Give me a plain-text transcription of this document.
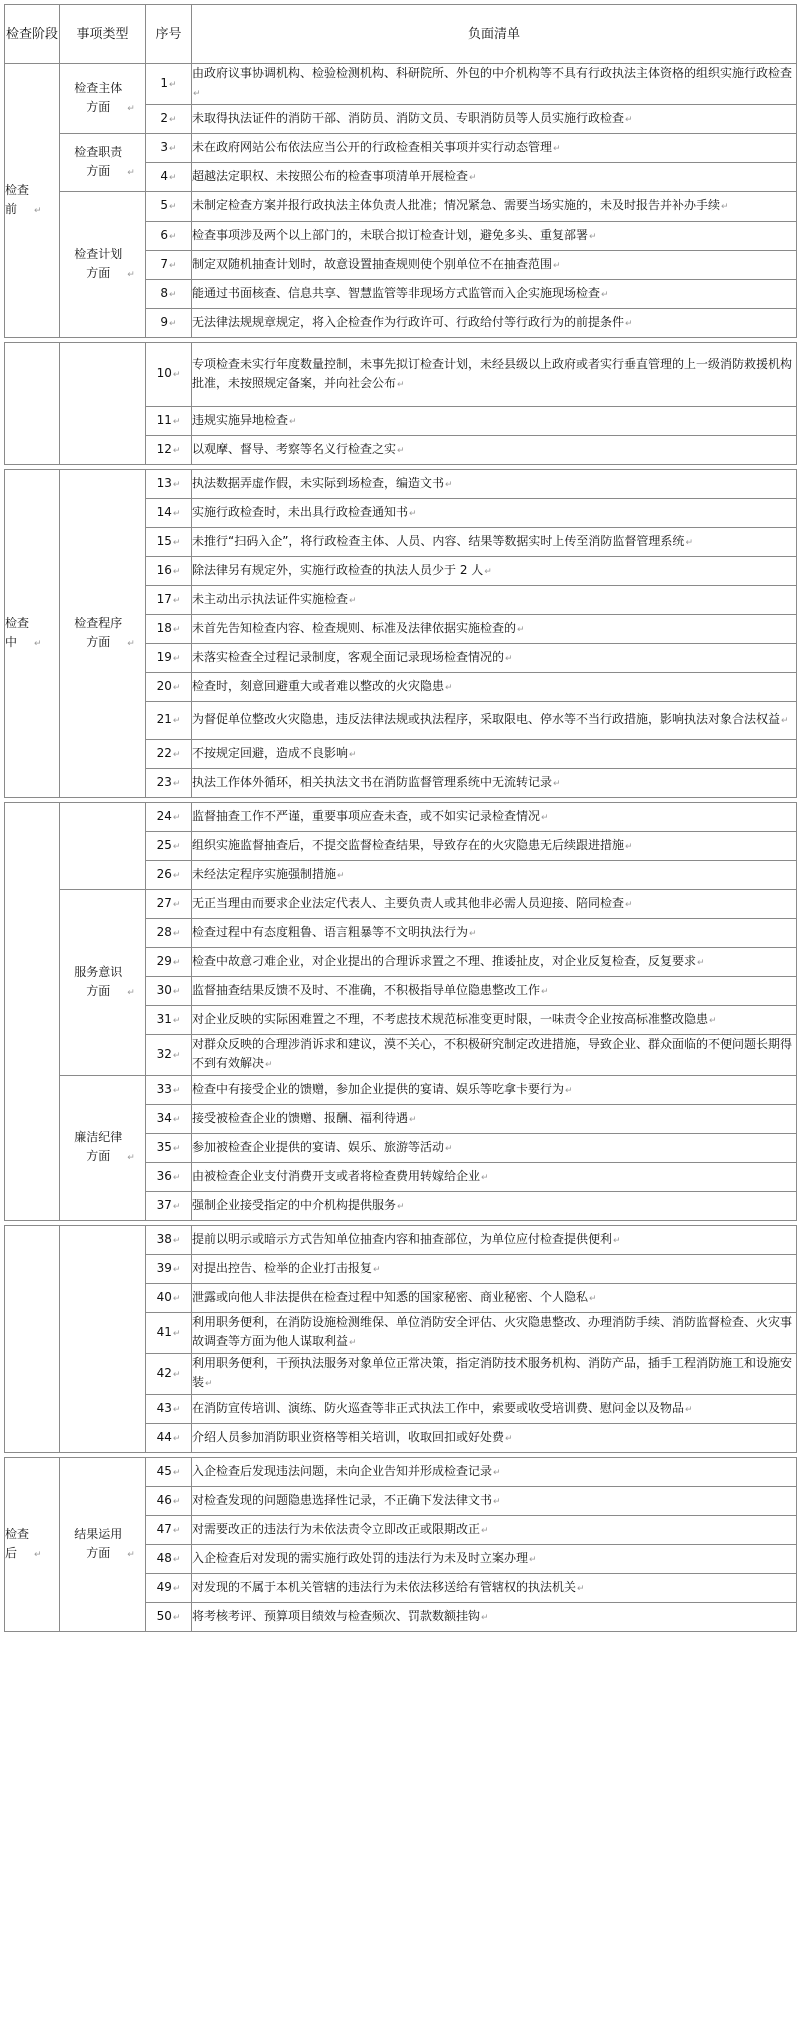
检查阶段	事项类型	序号	负面清单
检查前 ↵	检查主体方面 ↵	1↵	由政府议事协调机构、检验检测机构、科研院所、外包的中介机构等不具有行政执法主体资格的组织实施行政检查↵
		2↵	未取得执法证件的消防干部、消防员、消防文员、专职消防员等人员实施行政检查↵
	检查职责方面 ↵	3↵	未在政府网站公布依法应当公开的行政检查相关事项并实行动态管理↵
		4↵	超越法定职权、未按照公布的检查事项清单开展检查↵
	检查计划方面 ↵	5↵	未制定检查方案并报行政执法主体负责人批准；情况紧急、需要当场实施的，未及时报告并补办手续↵
		6↵	检查事项涉及两个以上部门的，未联合拟订检查计划，避免多头、重复部署↵
		7↵	制定双随机抽查计划时，故意设置抽查规则使个别单位不在抽查范围↵
		8↵	能通过书面核查、信息共享、智慧监管等非现场方式监管而入企实施现场检查↵
		9↵	无法律法规规章规定，将入企检查作为行政许可、行政给付等行政行为的前提条件↵

		10↵	专项检查未实行年度数量控制，未事先拟订检查计划，未经县级以上政府或者实行垂直管理的上一级消防救援机构批准，未按照规定备案，并向社会公布↵
		11↵	违规实施异地检查↵
		12↵	以观摩、督导、考察等名义行检查之实↵

检查中 ↵	检查程序方面 ↵	13↵	执法数据弄虚作假，未实际到场检查，编造文书↵
		14↵	实施行政检查时，未出具行政检查通知书↵
		15↵	未推行“扫码入企”，将行政检查主体、人员、内容、结果等数据实时上传至消防监督管理系统↵
		16↵	除法律另有规定外，实施行政检查的执法人员少于 2 人↵
		17↵	未主动出示执法证件实施检查↵
		18↵	未首先告知检查内容、检查规则、标准及法律依据实施检查的↵
		19↵	未落实检查全过程记录制度，客观全面记录现场检查情况的↵
		20↵	检查时，刻意回避重大或者难以整改的火灾隐患↵
		21↵	为督促单位整改火灾隐患，违反法律法规或执法程序，采取限电、停水等不当行政措施，影响执法对象合法权益↵
		22↵	不按规定回避，造成不良影响↵
		23↵	执法工作体外循环，相关执法文书在消防监督管理系统中无流转记录↵

		24↵	监督抽查工作不严谨，重要事项应查未查，或不如实记录检查情况↵
		25↵	组织实施监督抽查后，不提交监督检查结果，导致存在的火灾隐患无后续跟进措施↵
		26↵	未经法定程序实施强制措施↵
	服务意识方面 ↵	27↵	无正当理由而要求企业法定代表人、主要负责人或其他非必需人员迎接、陪同检查↵
		28↵	检查过程中有态度粗鲁、语言粗暴等不文明执法行为↵
		29↵	检查中故意刁难企业，对企业提出的合理诉求置之不理、推诿扯皮，对企业反复检查，反复要求↵
		30↵	监督抽查结果反馈不及时、不准确，不积极指导单位隐患整改工作↵
		31↵	对企业反映的实际困难置之不理，不考虑技术规范标准变更时限，一味责令企业按高标准整改隐患↵
		32↵	对群众反映的合理涉消诉求和建议，漠不关心，不积极研究制定改进措施，导致企业、群众面临的不便问题长期得不到有效解决↵
	廉洁纪律方面 ↵	33↵	检查中有接受企业的馈赠，参加企业提供的宴请、娱乐等吃拿卡要行为↵
		34↵	接受被检查企业的馈赠、报酬、福利待遇↵
		35↵	参加被检查企业提供的宴请、娱乐、旅游等活动↵
		36↵	由被检查企业支付消费开支或者将检查费用转嫁给企业↵
		37↵	强制企业接受指定的中介机构提供服务↵

		38↵	提前以明示或暗示方式告知单位抽查内容和抽查部位，为单位应付检查提供便利↵
		39↵	对提出控告、检举的企业打击报复↵
		40↵	泄露或向他人非法提供在检查过程中知悉的国家秘密、商业秘密、个人隐私↵
		41↵	利用职务便利，在消防设施检测维保、单位消防安全评估、火灾隐患整改、办理消防手续、消防监督检查、火灾事故调查等方面为他人谋取利益↵
		42↵	利用职务便利，干预执法服务对象单位正常决策，指定消防技术服务机构、消防产品，插手工程消防施工和设施安装↵
		43↵	在消防宣传培训、演练、防火巡查等非正式执法工作中，索要或收受培训费、慰问金以及物品↵
		44↵	介绍人员参加消防职业资格等相关培训，收取回扣或好处费↵

检查后 ↵	结果运用方面 ↵	45↵	入企检查后发现违法问题，未向企业告知并形成检查记录↵
		46↵	对检查发现的问题隐患选择性记录，不正确下发法律文书↵
		47↵	对需要改正的违法行为未依法责令立即改正或限期改正↵
		48↵	入企检查后对发现的需实施行政处罚的违法行为未及时立案办理↵
		49↵	对发现的不属于本机关管辖的违法行为未依法移送给有管辖权的执法机关↵
		50↵	将考核考评、预算项目绩效与检查频次、罚款数额挂钩↵
